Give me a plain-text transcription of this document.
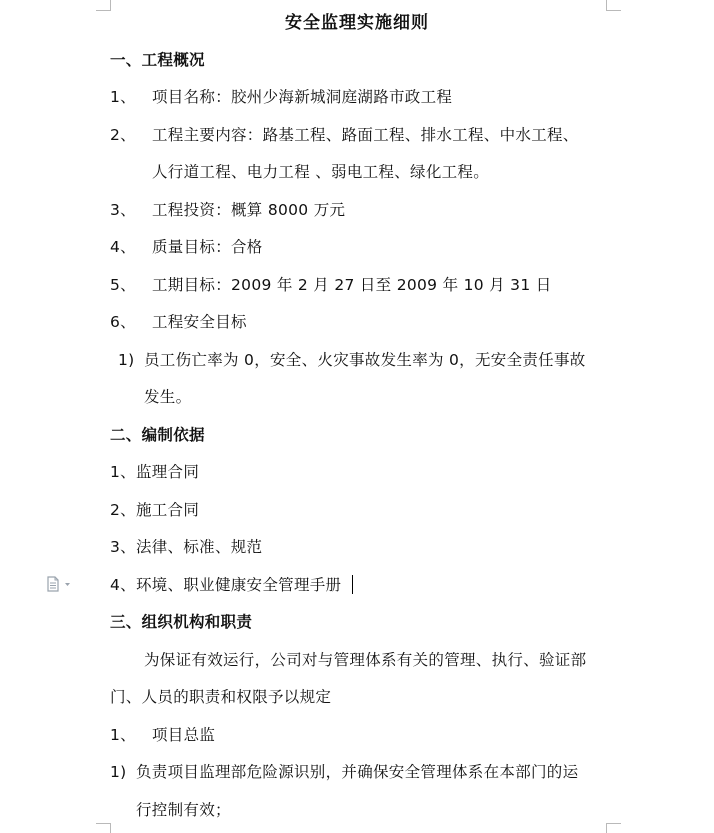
安全监理实施细则
一、工程概况
1、 项目名称：胶州少海新城洞庭湖路市政工程
2、 工程主要内容：路基工程、路面工程、排水工程、中水工程、
人行道工程、电力工程 、弱电工程、绿化工程。
3、 工程投资：概算 8000 万元
4、 质量目标：合格
5、 工期目标：2009 年 2 月 27 日至 2009 年 10 月 31 日
6、 工程安全目标
1) 员工伤亡率为 0，安全、火灾事故发生率为 0，无安全责任事故
发生。
二、编制依据
1、监理合同
2、施工合同
3、法律、标准、规范
4、环境、职业健康安全管理手册
三、组织机构和职责
为保证有效运行，公司对与管理体系有关的管理、执行、验证部
门、人员的职责和权限予以规定
1、 项目总监
1) 负责项目监理部危险源识别，并确保安全管理体系在本部门的运
行控制有效；
